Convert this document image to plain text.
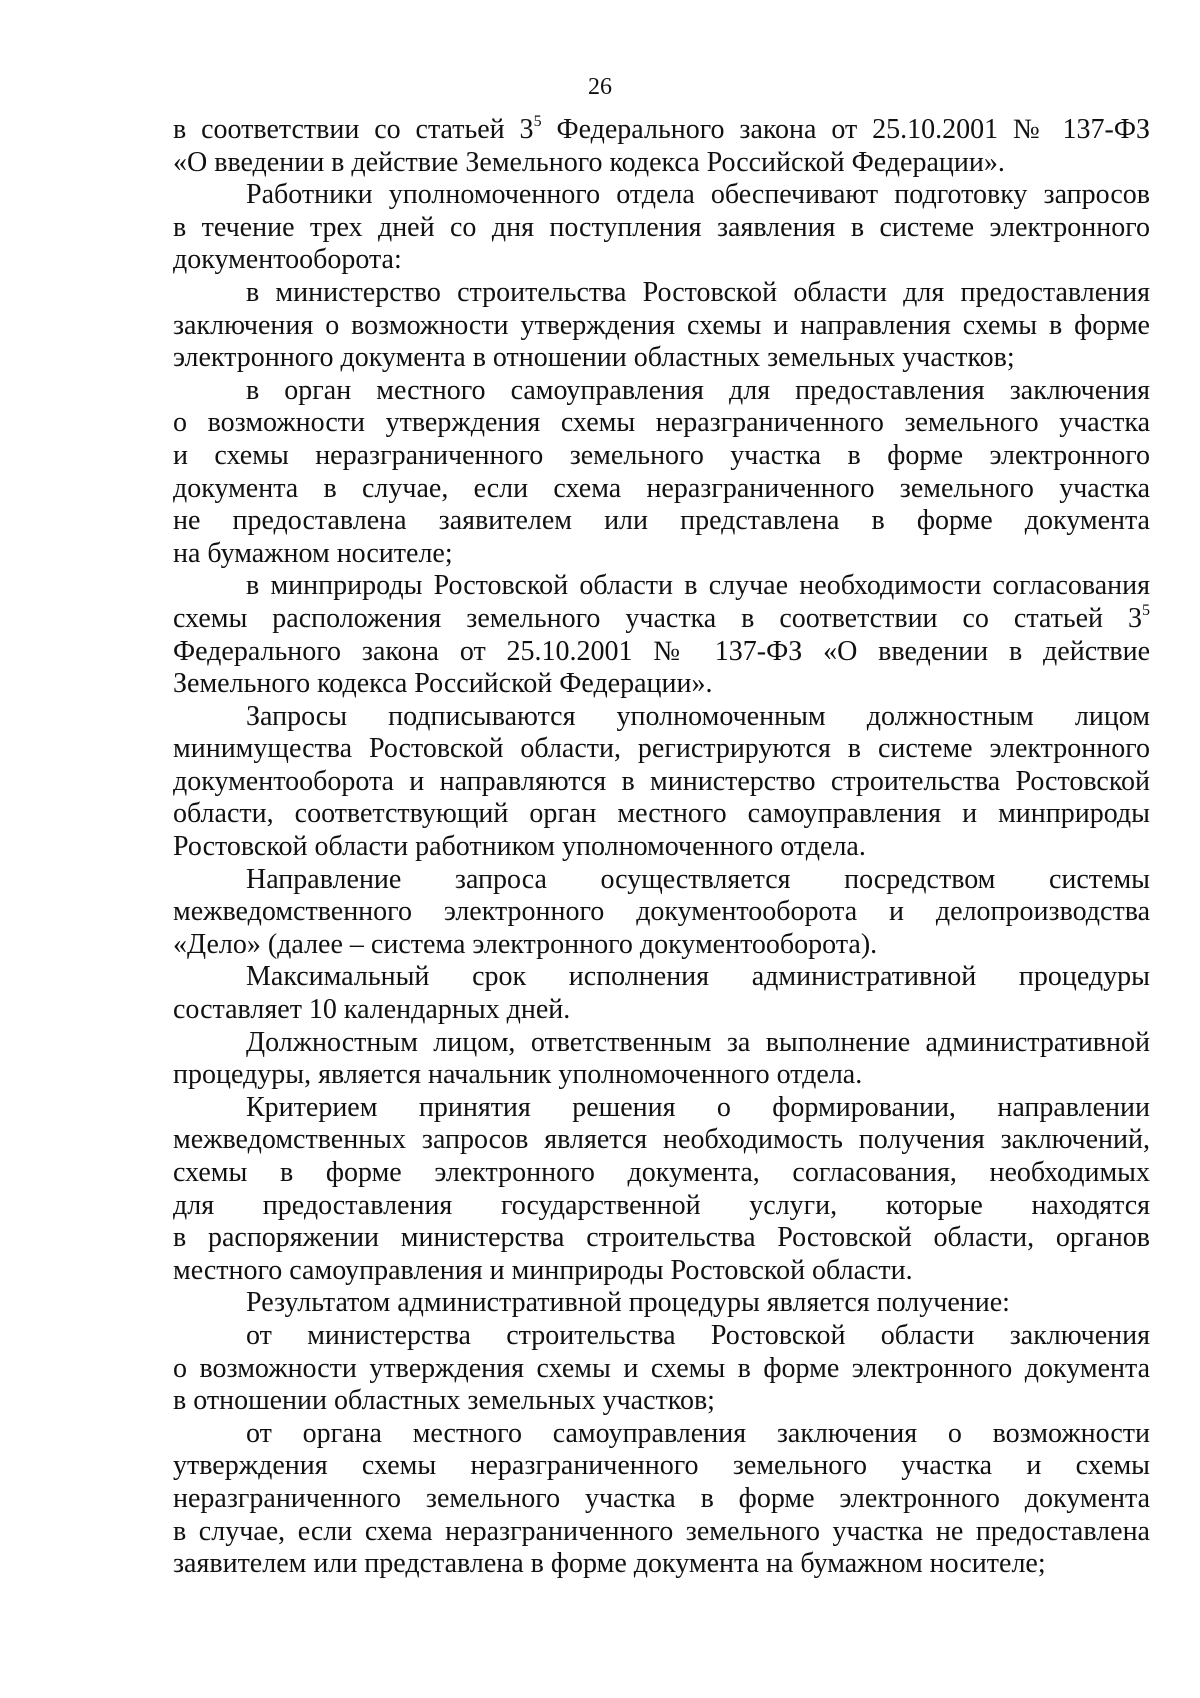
26

в соответствии со статьей $3^5$ Федерального закона от 25.10.2001 № 137-ФЗ
«О введении в действие Земельного кодекса Российской Федерации».

Работники уполномоченного отдела обеспечивают подготовку запросов
в течение трех дней со дня поступления заявления в системе электронного
документооборота:

в министерство строительства Ростовской области для предоставления
заключения о возможности утверждения схемы и направления схемы в форме
электронного документа в отношении областных земельных участков;

в орган местного самоуправления для предоставления заключения
о возможности утверждения схемы неразграниченного земельного участка
и схемы неразграниченного земельного участка в форме электронного
документа в случае, если схема неразграниченного земельного участка
не предоставлена заявителем или представлена в форме документа
на бумажном носителе;

в минприроды Ростовской области в случае необходимости согласования
схемы расположения земельного участка в соответствии со статьей $3^5$
Федерального закона от 25.10.2001 № 137-ФЗ «О введении в действие
Земельного кодекса Российской Федерации».

Запросы подписываются уполномоченным должностным лицом
минимущества Ростовской области, регистрируются в системе электронного
документооборота и направляются в министерство строительства Ростовской
области, соответствующий орган местного самоуправления и минприроды
Ростовской области работником уполномоченного отдела.

Направление запроса осуществляется посредством системы
межведомственного электронного документооборота и делопроизводства
«Дело» (далее – система электронного документооборота).

Максимальный срок исполнения административной процедуры
составляет 10 календарных дней.

Должностным лицом, ответственным за выполнение административной
процедуры, является начальник уполномоченного отдела.

Критерием принятия решения о формировании, направлении
межведомственных запросов является необходимость получения заключений,
схемы в форме электронного документа, согласования, необходимых
для предоставления государственной услуги, которые находятся
в распоряжении министерства строительства Ростовской области, органов
местного самоуправления и минприроды Ростовской области.

Результатом административной процедуры является получение:

от министерства строительства Ростовской области заключения
о возможности утверждения схемы и схемы в форме электронного документа
в отношении областных земельных участков;

от органа местного самоуправления заключения о возможности
утверждения схемы неразграниченного земельного участка и схемы
неразграниченного земельного участка в форме электронного документа
в случае, если схема неразграниченного земельного участка не предоставлена
заявителем или представлена в форме документа на бумажном носителе;
